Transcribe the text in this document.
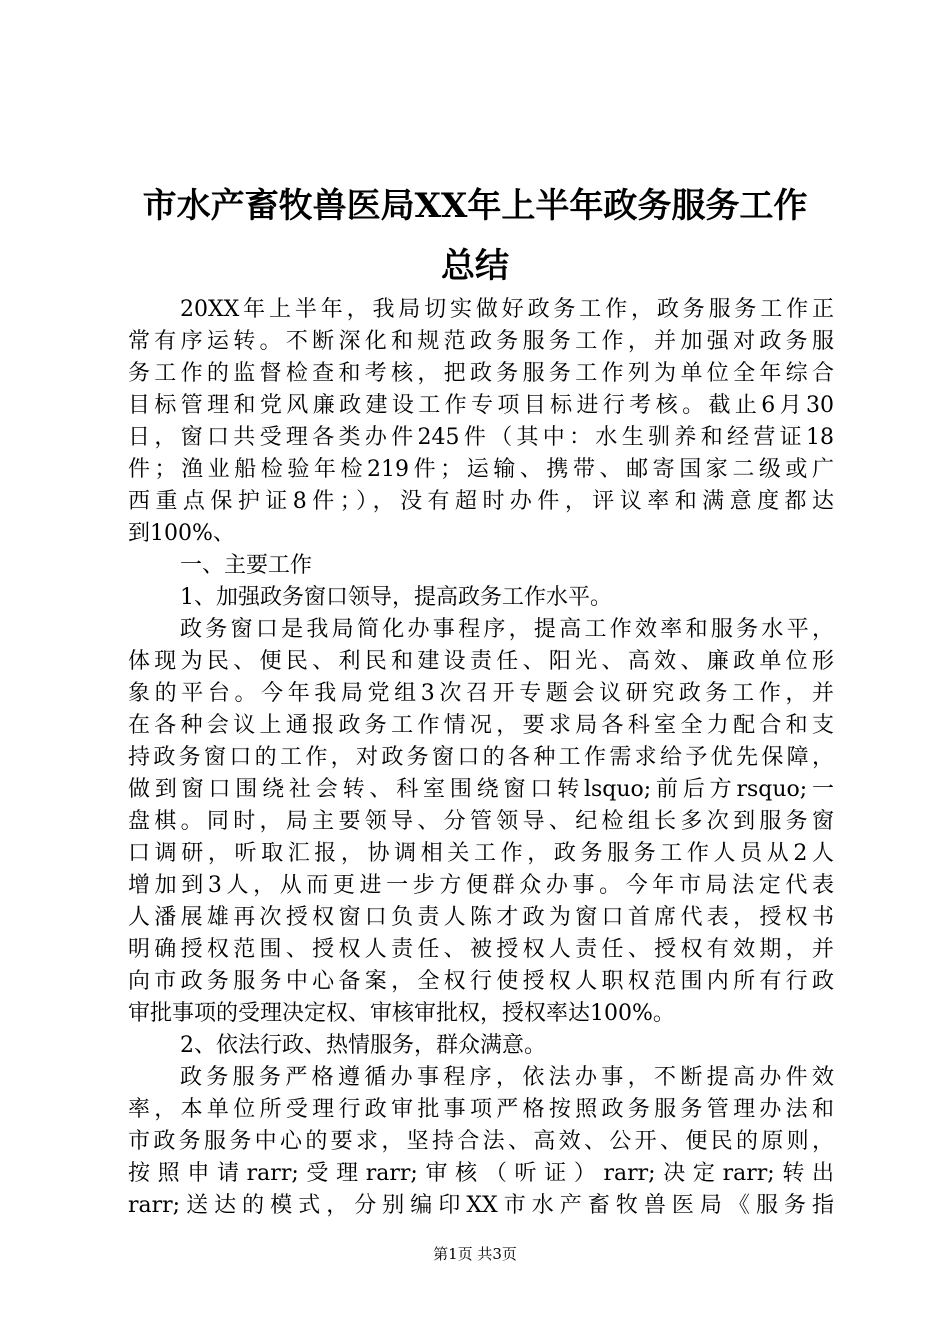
市水产畜牧兽医局XX年上半年政务服务工作
总结
20XX年上半年，我局切实做好政务工作，政务服务工作正
常有序运转。不断深化和规范政务服务工作，并加强对政务服
务工作的监督检查和考核，把政务服务工作列为单位全年综合
目标管理和党风廉政建设工作专项目标进行考核。截止6月30
日，窗口共受理各类办件245件（其中：水生驯养和经营证18
件；渔业船检验年检219件；运输、携带、邮寄国家二级或广
西重点保护证8件；），没有超时办件，评议率和满意度都达
到100%、
一、主要工作
1、加强政务窗口领导，提高政务工作水平。
政务窗口是我局简化办事程序，提高工作效率和服务水平，
体现为民、便民、利民和建设责任、阳光、高效、廉政单位形
象的平台。今年我局党组3次召开专题会议研究政务工作，并
在各种会议上通报政务工作情况，要求局各科室全力配合和支
持政务窗口的工作，对政务窗口的各种工作需求给予优先保障，
做到窗口围绕社会转、科室围绕窗口转lsquo;前后方rsquo;一
盘棋。同时，局主要领导、分管领导、纪检组长多次到服务窗
口调研，听取汇报，协调相关工作，政务服务工作人员从2人
增加到3人，从而更进一步方便群众办事。今年市局法定代表
人潘展雄再次授权窗口负责人陈才政为窗口首席代表，授权书
明确授权范围、授权人责任、被授权人责任、授权有效期，并
向市政务服务中心备案，全权行使授权人职权范围内所有行政
审批事项的受理决定权、审核审批权，授权率达100%。
2、依法行政、热情服务，群众满意。
政务服务严格遵循办事程序，依法办事，不断提高办件效
率，本单位所受理行政审批事项严格按照政务服务管理办法和
市政务服务中心的要求，坚持合法、高效、公开、便民的原则，
按照申请rarr;受理rarr;审核（听证）rarr;决定rarr;转出
rarr;送达的模式，分别编印XX市水产畜牧兽医局《服务指
第1页 共3页
